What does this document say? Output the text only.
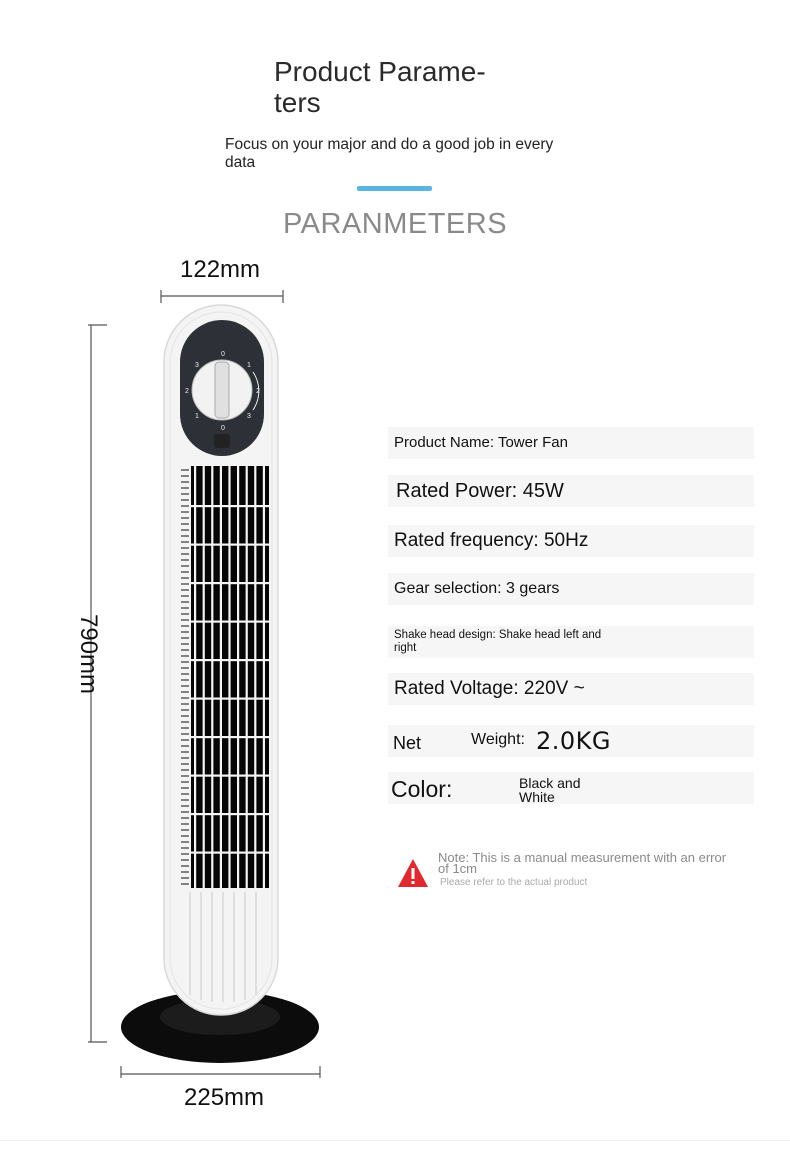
Product Parame- ters
Focus on your major and do a good job in every data
PARANMETERS
0
1
2
3
1
2
3
0
122mm
790mm
225mm
Product Name: Tower Fan
Rated Power: 45W
Rated frequency: 50Hz
Gear selection: 3 gears
Shake head design: Shake head left and right
Rated Voltage: 220V ~
Net	Weight: 2.0KG
Color:	Black and White
Note: This is a manual measurement with an error of 1cm
Please refer to the actual product
